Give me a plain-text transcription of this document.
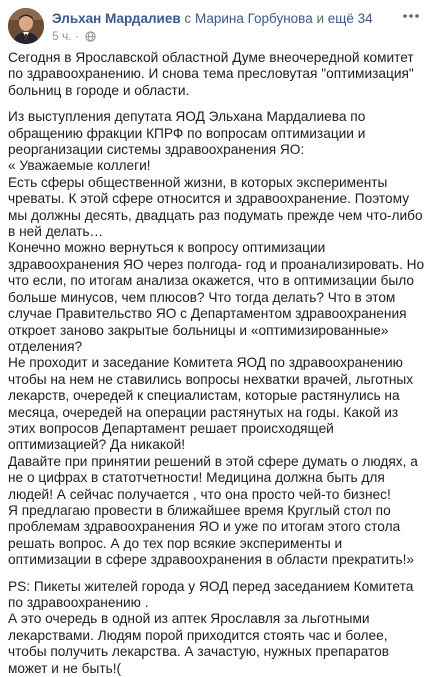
Эльхан Мардалиев с Марина Горбунова и ещё 34
5 ч. ·

Сегодня в Ярославской областной Думе внеочередной комитет по здравоохранению. И снова тема пресловутая "оптимизация" больниц в городе и области.

Из выступления депутата ЯОД Эльхана Мардалиева по обращению фракции КПРФ по вопросам оптимизации и реорганизации системы здравоохранения ЯО:
« Уважаемые коллеги!
Есть сферы общественной жизни, в которых эксперименты чреваты. К этой сфере относится и здравоохранение. Поэтому мы должны десять, двадцать раз подумать прежде чем что-либо в ней делать…
Конечно можно вернуться к вопросу оптимизации здравоохранения ЯО через полгода- год и проанализировать. Но что если, по итогам анализа окажется, что в оптимизации было больше минусов, чем плюсов? Что тогда делать? Что в этом случае Правительство ЯО с Департаментом здравоохранения откроет заново закрытые больницы и «оптимизированные» отделения?
Не проходит и заседание Комитета ЯОД по здравоохранению чтобы на нем не ставились вопросы нехватки врачей, льготных лекарств, очередей к специалистам, которые растянулись на месяца, очередей на операции растянутых на годы. Какой из этих вопросов Департамент решает происходящей оптимизацией? Да никакой!
Давайте при принятии решений в этой сфере думать о людях, а не о цифрах в статотчетности! Медицина должна быть для людей! А сейчас получается , что она просто чей-то бизнес!
Я предлагаю провести в ближайшее время Круглый стол по проблемам здравоохранения ЯО и уже по итогам этого стола решать вопрос. А до тех пор всякие эксперименты и оптимизации в сфере здравоохранения в области прекратить!»

PS: Пикеты жителей города у ЯОД перед заседанием Комитета по здравоохранению .
А это очередь в одной из аптек Ярославля за льготными лекарствами. Людям порой приходится стоять час и более, чтобы получить лекарства. А зачастую, нужных препаратов может и не быть!(
